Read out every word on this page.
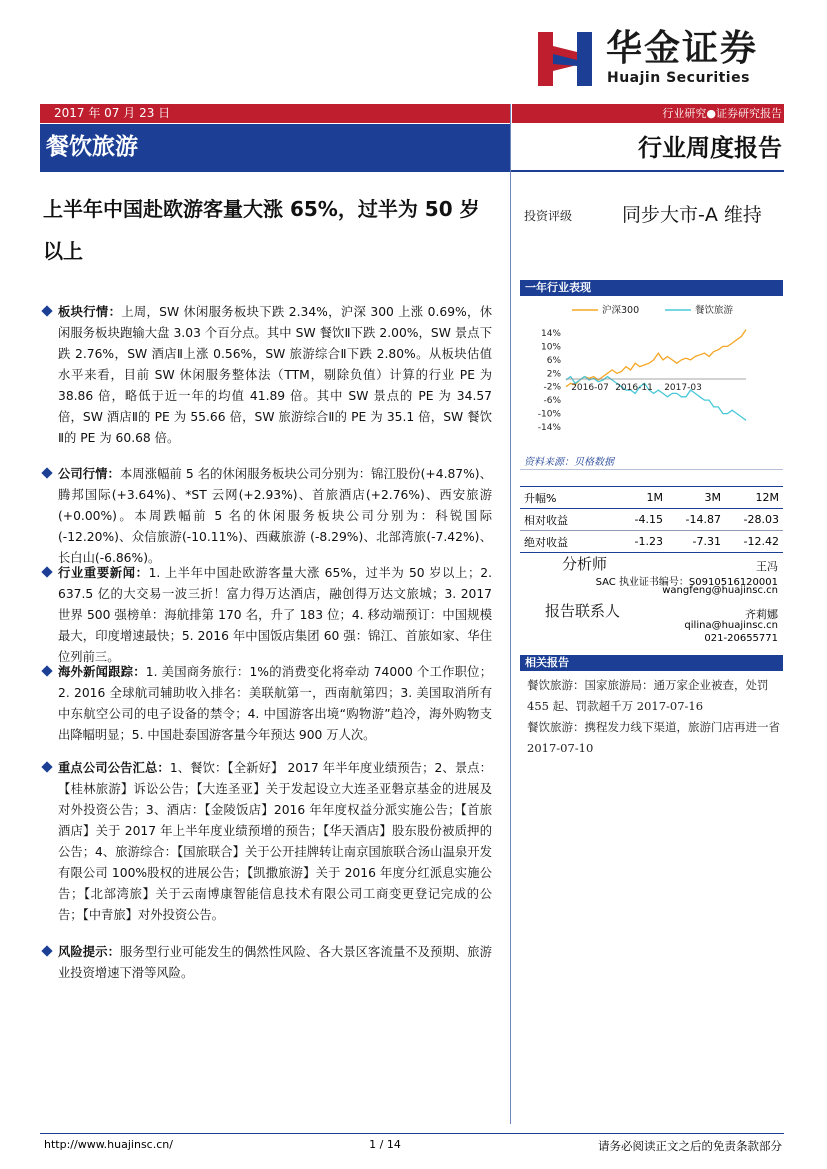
华金证券
Huajin Securities
2017 年 07 月 23 日	行业研究●证券研究报告
餐饮旅游	行业周度报告
上半年中国赴欧游客量大涨 65%，过半为 50 岁以上
板块行情：上周，SW 休闲服务板块下跌 2.34%，沪深 300 上涨 0.69%，休闲服务板块跑输大盘 3.03 个百分点。其中 SW 餐饮Ⅱ下跌 2.00%，SW 景点下跌 2.76%，SW 酒店Ⅱ上涨 0.56%，SW 旅游综合Ⅱ下跌 2.80%。从板块估值水平来看，目前 SW 休闲服务整体法（TTM，剔除负值）计算的行业 PE 为 38.86 倍，略低于近一年的均值 41.89 倍。其中 SW 景点的 PE 为 34.57 倍，SW 酒店Ⅱ的 PE 为 55.66 倍，SW 旅游综合Ⅱ的 PE 为 35.1 倍，SW 餐饮Ⅱ的 PE 为 60.68 倍。
公司行情：本周涨幅前 5 名的休闲服务板块公司分别为：锦江股份(+4.87%)、腾邦国际(+3.64%)、*ST 云网(+2.93%)、首旅酒店(+2.76%)、西安旅游(+0.00%)。本周跌幅前 5 名的休闲服务板块公司分别为：科锐国际(-12.20%)、众信旅游(-10.11%)、西藏旅游 (-8.29%)、北部湾旅(-7.42%)、长白山(-6.86%)。
行业重要新闻：1. 上半年中国赴欧游客量大涨 65%，过半为 50 岁以上；2. 637.5 亿的大交易一波三折！富力得万达酒店，融创得万达文旅城；3. 2017 世界 500 强榜单：海航排第 170 名，升了 183 位；4. 移动端预订：中国规模最大，印度增速最快；5. 2016 年中国饭店集团 60 强：锦江、首旅如家、华住位列前三。
海外新闻跟踪：1. 美国商务旅行：1%的消费变化将牵动 74000 个工作职位；2. 2016 全球航司辅助收入排名：美联航第一，西南航第四；3. 美国取消所有中东航空公司的电子设备的禁令；4. 中国游客出境“购物游”趋冷，海外购物支出降幅明显；5. 中国赴泰国游客量今年预达 900 万人次。
重点公司公告汇总：1、餐饮：【全新好】 2017 年半年度业绩预告；2、景点：【桂林旅游】诉讼公告；【大连圣亚】关于发起设立大连圣亚磐京基金的进展及对外投资公告；3、酒店：【金陵饭店】2016 年年度权益分派实施公告；【首旅酒店】关于 2017 年上半年度业绩预增的预告；【华天酒店】股东股份被质押的公告；4、旅游综合：【国旅联合】关于公开挂牌转让南京国旅联合汤山温泉开发有限公司 100%股权的进展公告；【凯撒旅游】关于 2016 年度分红派息实施公告；【北部湾旅】关于云南博康智能信息技术有限公司工商变更登记完成的公告；【中青旅】对外投资公告。
风险提示：服务型行业可能发生的偶然性风险、各大景区客流量不及预期、旅游业投资增速下滑等风险。
投资评级	同步大市-A 维持
一年行业表现
沪深300	餐饮旅游
14%
10%
6%
2%
-2%
-6%
-10%
-14%
2016-07 2016-11 2017-03
资料来源：贝格数据
升幅%	1M	3M	12M
相对收益	-4.15	-14.87	-28.03
绝对收益	-1.23	-7.31	-12.42
分析师	王冯
SAC 执业证书编号：S0910516120001
wangfeng@huajinsc.cn
报告联系人	齐莉娜
qilina@huajinsc.cn
021-20655771
相关报告
餐饮旅游：国家旅游局：通万家企业被查，处罚 455 起、罚款超千万 2017-07-16
餐饮旅游：携程发力线下渠道，旅游门店再进一省 2017-07-10
http://www.huajinsc.cn/	1 / 14	请务必阅读正文之后的免责条款部分
